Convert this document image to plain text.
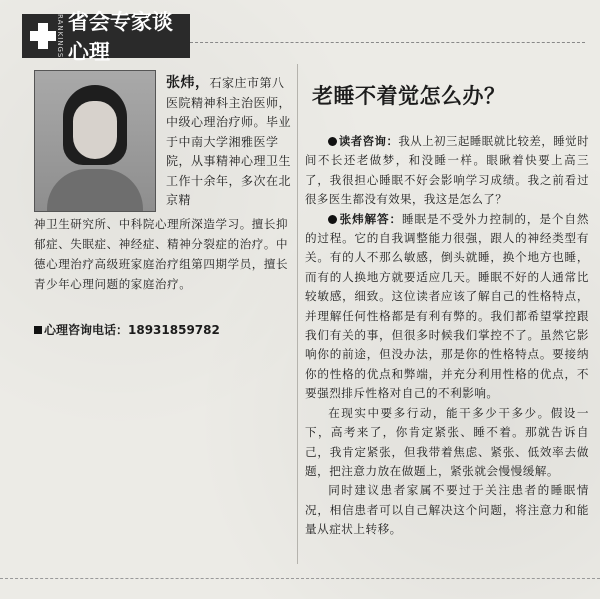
RANKINGS 省会专家谈心理
张炜，石家庄市第八医院精神科主治医师，中级心理治疗师。毕业于中南大学湘雅医学院，从事精神心理卫生工作十余年，多次在北京精
神卫生研究所、中科院心理所深造学习。擅长抑郁症、失眠症、神经症、精神分裂症的治疗。中德心理治疗高级班家庭治疗组第四期学员，擅长青少年心理问题的家庭治疗。
心理咨询电话：18931859782
老睡不着觉怎么办？

读者咨询：我从上初三起睡眠就比较差，睡觉时间不长还老做梦，和没睡一样。眼瞅着快要上高三了，我很担心睡眠不好会影响学习成绩。我之前看过很多医生都没有效果，我这是怎么了？

张炜解答：睡眠是不受外力控制的，是个自然的过程。它的自我调整能力很强，跟人的神经类型有关。有的人不那么敏感，倒头就睡，换个地方也睡，而有的人换地方就要适应几天。睡眠不好的人通常比较敏感，细致。这位读者应该了解自己的性格特点，并理解任何性格都是有利有弊的。我们都希望掌控跟我们有关的事，但很多时候我们掌控不了。虽然它影响你的前途，但没办法，那是你的性格特点。要接纳你的性格的优点和弊端，并充分利用性格的优点，不要强烈排斥性格对自己的不利影响。

在现实中要多行动，能干多少干多少。假设一下，高考来了，你肯定紧张、睡不着。那就告诉自己，我肯定紧张，但我带着焦虑、紧张、低效率去做题，把注意力放在做题上，紧张就会慢慢缓解。

同时建议患者家属不要过于关注患者的睡眠情况，相信患者可以自己解决这个问题，将注意力和能量从症状上转移。
